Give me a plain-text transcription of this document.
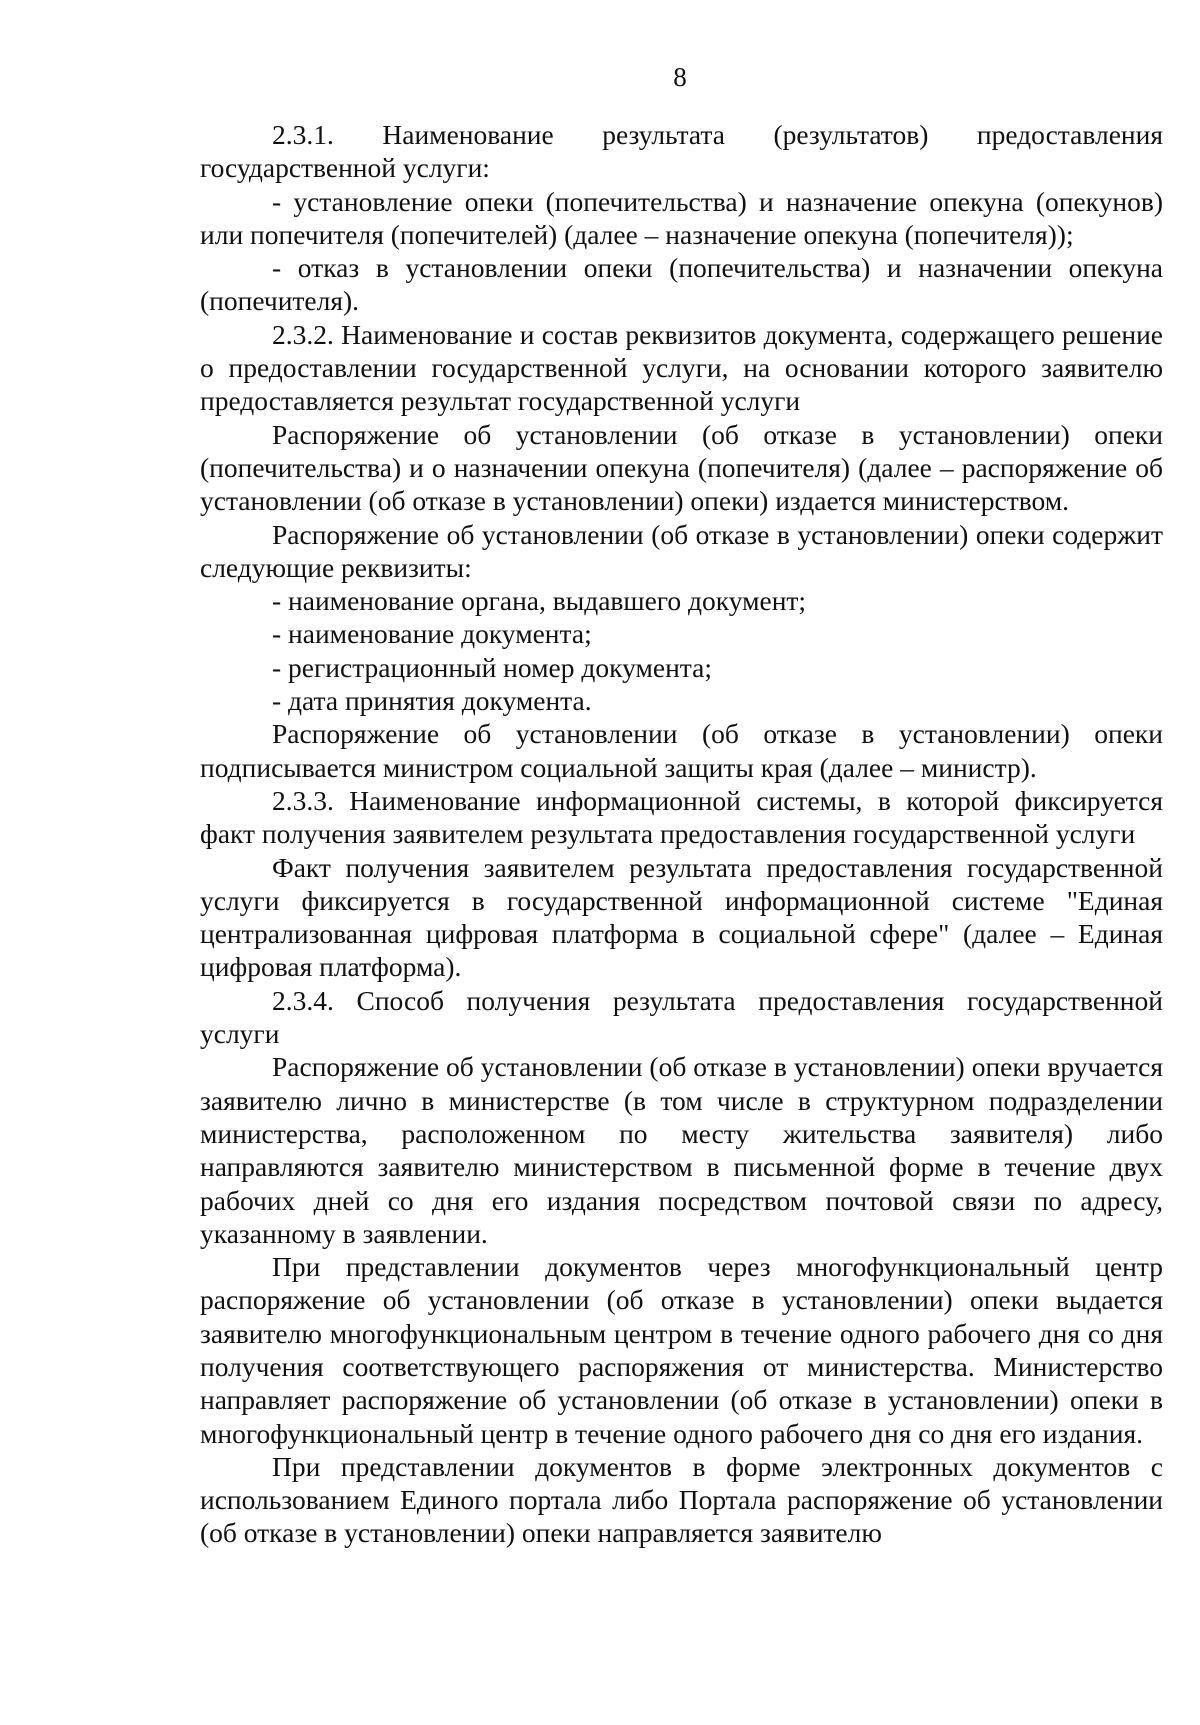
8

2.3.1. Наименование результата (результатов) предоставления государственной услуги:

- установление опеки (попечительства) и назначение опекуна (опекунов) или попечителя (попечителей) (далее – назначение опекуна (попечителя));

- отказ в установлении опеки (попечительства) и назначении опекуна (попечителя).

2.3.2. Наименование и состав реквизитов документа, содержащего решение о предоставлении государственной услуги, на основании которого заявителю предоставляется результат государственной услуги

Распоряжение об установлении (об отказе в установлении) опеки (попечительства) и о назначении опекуна (попечителя) (далее – распоряжение об установлении (об отказе в установлении) опеки) издается министерством.

Распоряжение об установлении (об отказе в установлении) опеки содержит следующие реквизиты:

- наименование органа, выдавшего документ;

- наименование документа;

- регистрационный номер документа;

- дата принятия документа.

Распоряжение об установлении (об отказе в установлении) опеки подписывается министром социальной защиты края (далее – министр).

2.3.3. Наименование информационной системы, в которой фиксируется факт получения заявителем результата предоставления государственной услуги

Факт получения заявителем результата предоставления государственной услуги фиксируется в государственной информационной системе "Единая централизованная цифровая платформа в социальной сфере" (далее – Единая цифровая платформа).

2.3.4. Способ получения результата предоставления государственной услуги

Распоряжение об установлении (об отказе в установлении) опеки вручается заявителю лично в министерстве (в том числе в структурном подразделении министерства, расположенном по месту жительства заявителя) либо направляются заявителю министерством в письменной форме в течение двух рабочих дней со дня его издания посредством почтовой связи по адресу, указанному в заявлении.

При представлении документов через многофункциональный центр распоряжение об установлении (об отказе в установлении) опеки выдается заявителю многофункциональным центром в течение одного рабочего дня со дня получения соответствующего распоряжения от министерства. Министерство направляет распоряжение об установлении (об отказе в установлении) опеки в многофункциональный центр в течение одного рабочего дня со дня его издания.

При представлении документов в форме электронных документов с использованием Единого портала либо Портала распоряжение об установлении (об отказе в установлении) опеки направляется заявителю
